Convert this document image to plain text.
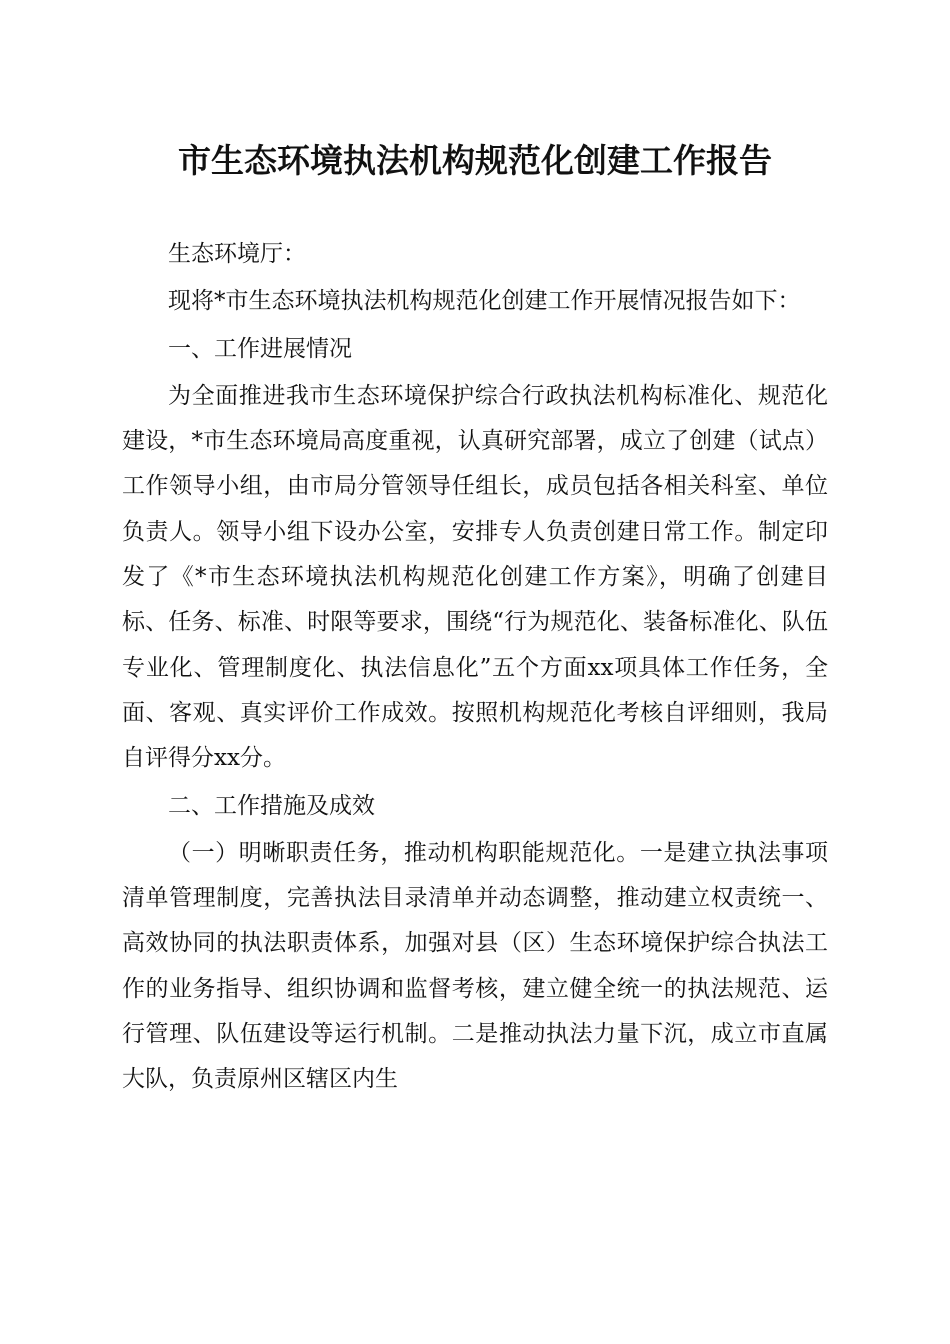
市生态环境执法机构规范化创建工作报告

生态环境厅：

现将*市生态环境执法机构规范化创建工作开展情况报告如下：

一、工作进展情况

为全面推进我市生态环境保护综合行政执法机构标准化、规范化建设，*市生态环境局高度重视，认真研究部署，成立了创建（试点）工作领导小组，由市局分管领导任组长，成员包括各相关科室、单位负责人。领导小组下设办公室，安排专人负责创建日常工作。制定印发了《*市生态环境执法机构规范化创建工作方案》，明确了创建目标、任务、标准、时限等要求，围绕“行为规范化、装备标准化、队伍专业化、管理制度化、执法信息化”五个方面xx项具体工作任务，全面、客观、真实评价工作成效。按照机构规范化考核自评细则，我局自评得分xx分。

二、工作措施及成效

（一）明晰职责任务，推动机构职能规范化。一是建立执法事项清单管理制度，完善执法目录清单并动态调整，推动建立权责统一、高效协同的执法职责体系，加强对县（区）生态环境保护综合执法工作的业务指导、组织协调和监督考核，建立健全统一的执法规范、运行管理、队伍建设等运行机制。二是推动执法力量下沉，成立市直属大队，负责原州区辖区内生
